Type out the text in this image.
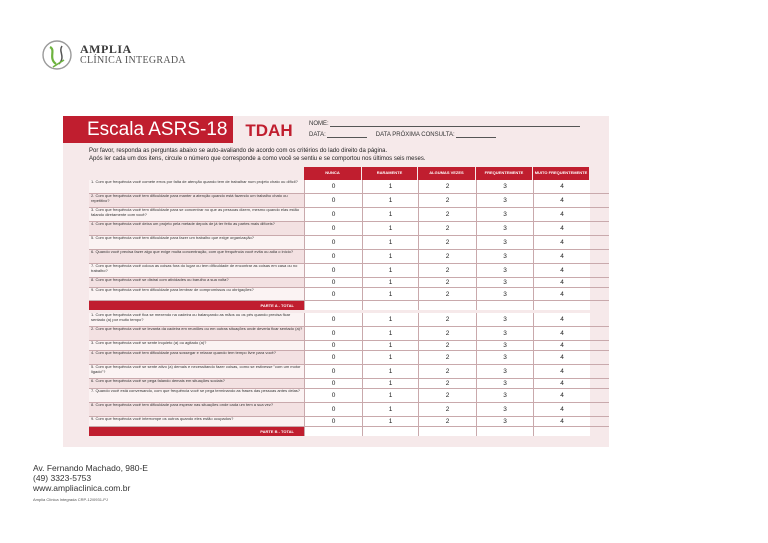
AMPLIA
CLÍNICA INTEGRADA
Escala ASRS-18	TDAH	NOME:
DATA:	DATA PRÓXIMA CONSULTA:
Por favor, responda as perguntas abaixo se auto-avaliando de acordo com os critérios do lado direito da página.
Após ler cada um dos itens, circule o número que corresponde a como você se sentiu e se comportou nos últimos seis meses.
NUNCA	RARAMENTE	ALGUMAS VEZES	FREQUENTEMENTE	MUITO FREQUENTEMENTE
1. Com que frequência você comete erros por falta de atenção quando tem de trabalhar num projeto chato ou difícil?
0	1	2	3	4
2. Com que frequência você tem dificuldade para manter a atenção quando está fazendo um trabalho chato ou repetitivo?	0	1	2	3	4
3. Com que frequência você tem dificuldade para se concentrar no que as pessoas dizem, mesmo quando elas estão falando diretamente com você?	0	1	2	3	4
4. Com que frequência você deixa um projeto pela metade depois de já ter feito as partes mais difíceis?
0	1	2	3	4
5. Com que frequência você tem dificuldade para fazer um trabalho que exige organização?
0	1	2	3	4
6. Quando você precisa fazer algo que exige muita concentração, com que frequência você evita ou adia o início?
0	1	2	3	4
7. Com que frequência você coloca as coisas fora do lugar ou tem dificuldade de encontrar as coisas em casa ou no trabalho?	0	1	2	3	4
8. Com que frequência você se distrai com atividades ou barulho a sua volta?	0	1	2	3	4
9. Com que frequência você tem dificuldade para lembrar de compromissos ou obrigações?
0	1	2	3	4
PARTE A - TOTAL
1. Com que frequência você fica se mexendo na cadeira ou balançando as mãos ou os pés quando precisa ficar sentado (a) por muito tempo?	0	1	2	3	4
2. Com que frequência você se levanta da cadeira em reuniões ou em outras situações onde deveria ficar sentado (a)?
0	1	2	3	4
3. Com que frequência você se sente inquieto (a) ou agitado (a)?	0	1	2	3	4
4. Com que frequência você tem dificuldade para sossegar e relaxar quando tem tempo livre para você?
0	1	2	3	4
5. Com que frequência você se sente ativo (a) demais e necessitando fazer coisas, como se estivesse "com um motor ligado"?	0	1	2	3	4
6. Com que frequência você se pega falando demais em situações sociais?	0	1	2	3	4
7. Quando você está conversando, com que frequência você se pega terminando as frases das pessoas antes delas?
0	1	2	3	4
8. Com que frequência você tem dificuldade para esperar nas situações onde cada um tem a sua vez?
0	1	2	3	4
9. Com que frequência você interrompe os outros quando eles estão ocupados?	0	1	2	3	4
PARTE B - TOTAL
Av. Fernando Machado, 980-E
(49) 3323-5753
www.ampliaclinica.com.br
Amplia Clínica Integrada CRP-12/0931-PJ
